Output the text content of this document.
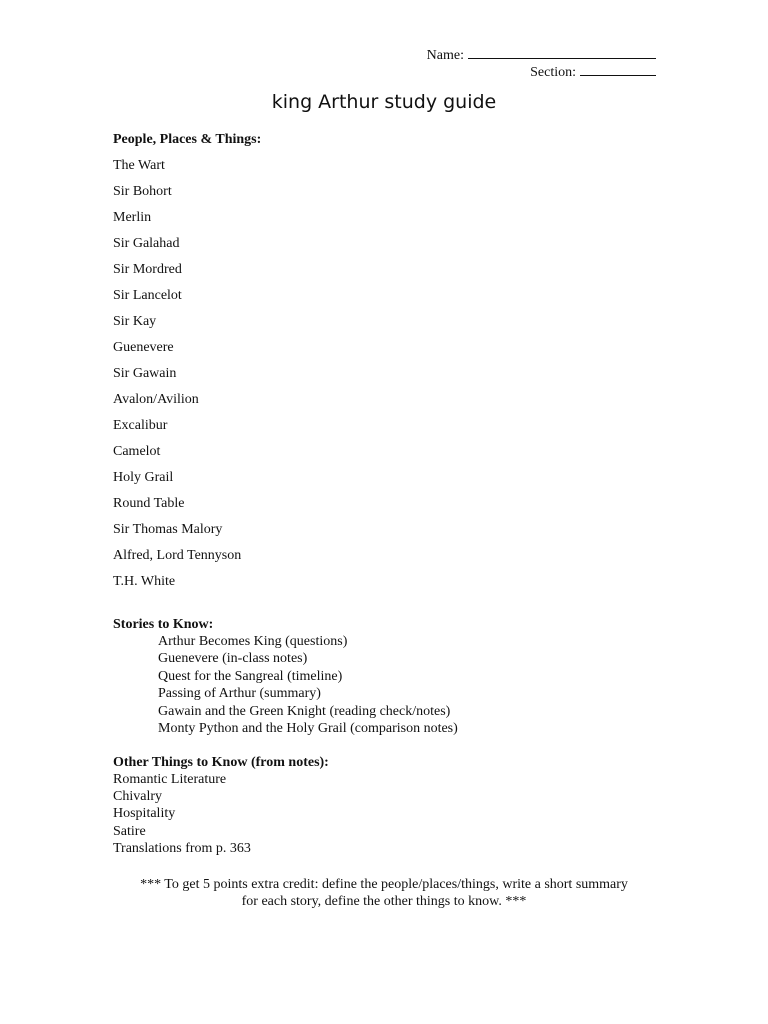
Name:
Section:
king Arthur study guide
People, Places & Things:
The Wart
Sir Bohort
Merlin
Sir Galahad
Sir Mordred
Sir Lancelot
Sir Kay
Guenevere
Sir Gawain
Avalon/Avilion
Excalibur
Camelot
Holy Grail
Round Table
Sir Thomas Malory
Alfred, Lord Tennyson
T.H. White
Stories to Know:
Arthur Becomes King (questions)
Guenevere (in-class notes)
Quest for the Sangreal (timeline)
Passing of Arthur (summary)
Gawain and the Green Knight (reading check/notes)
Monty Python and the Holy Grail (comparison notes)
Other Things to Know (from notes):
Romantic Literature
Chivalry
Hospitality
Satire
Translations from p. 363
*** To get 5 points extra credit: define the people/places/things, write a short summary
for each story, define the other things to know. ***
